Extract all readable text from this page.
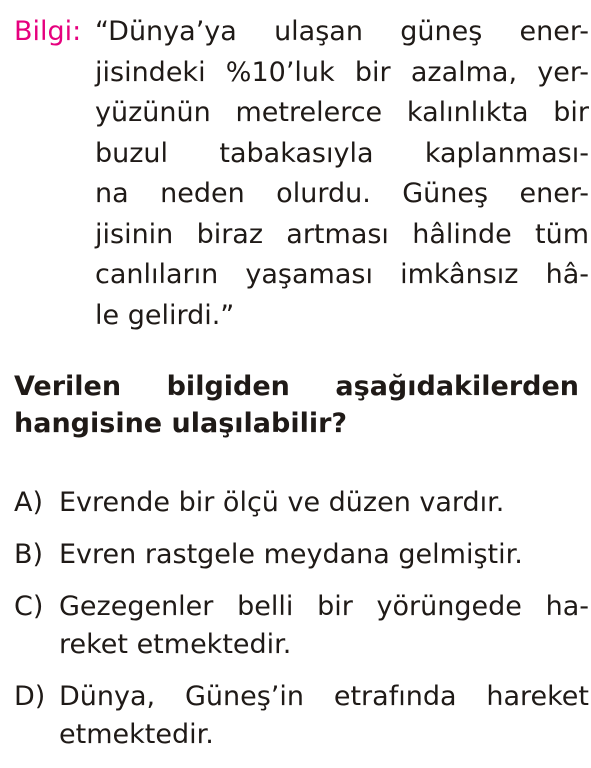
Bilgi: “Dünya’ya ulaşan güneş ener-
jisindeki %10’luk bir azalma, yer-
yüzünün metrelerce kalınlıkta bir
buzul tabakasıyla kaplanması-
na neden olurdu. Güneş ener-
jisinin biraz artması hâlinde tüm
canlıların yaşaması imkânsız hâ-
le gelirdi.”
Verilen bilgiden aşağıdakilerden
hangisine ulaşılabilir?
A) Evrende bir ölçü ve düzen vardır.
B) Evren rastgele meydana gelmiştir.
C) Gezegenler belli bir yörüngede ha-
reket etmektedir.
D) Dünya, Güneş’in etrafında hareket
etmektedir.
